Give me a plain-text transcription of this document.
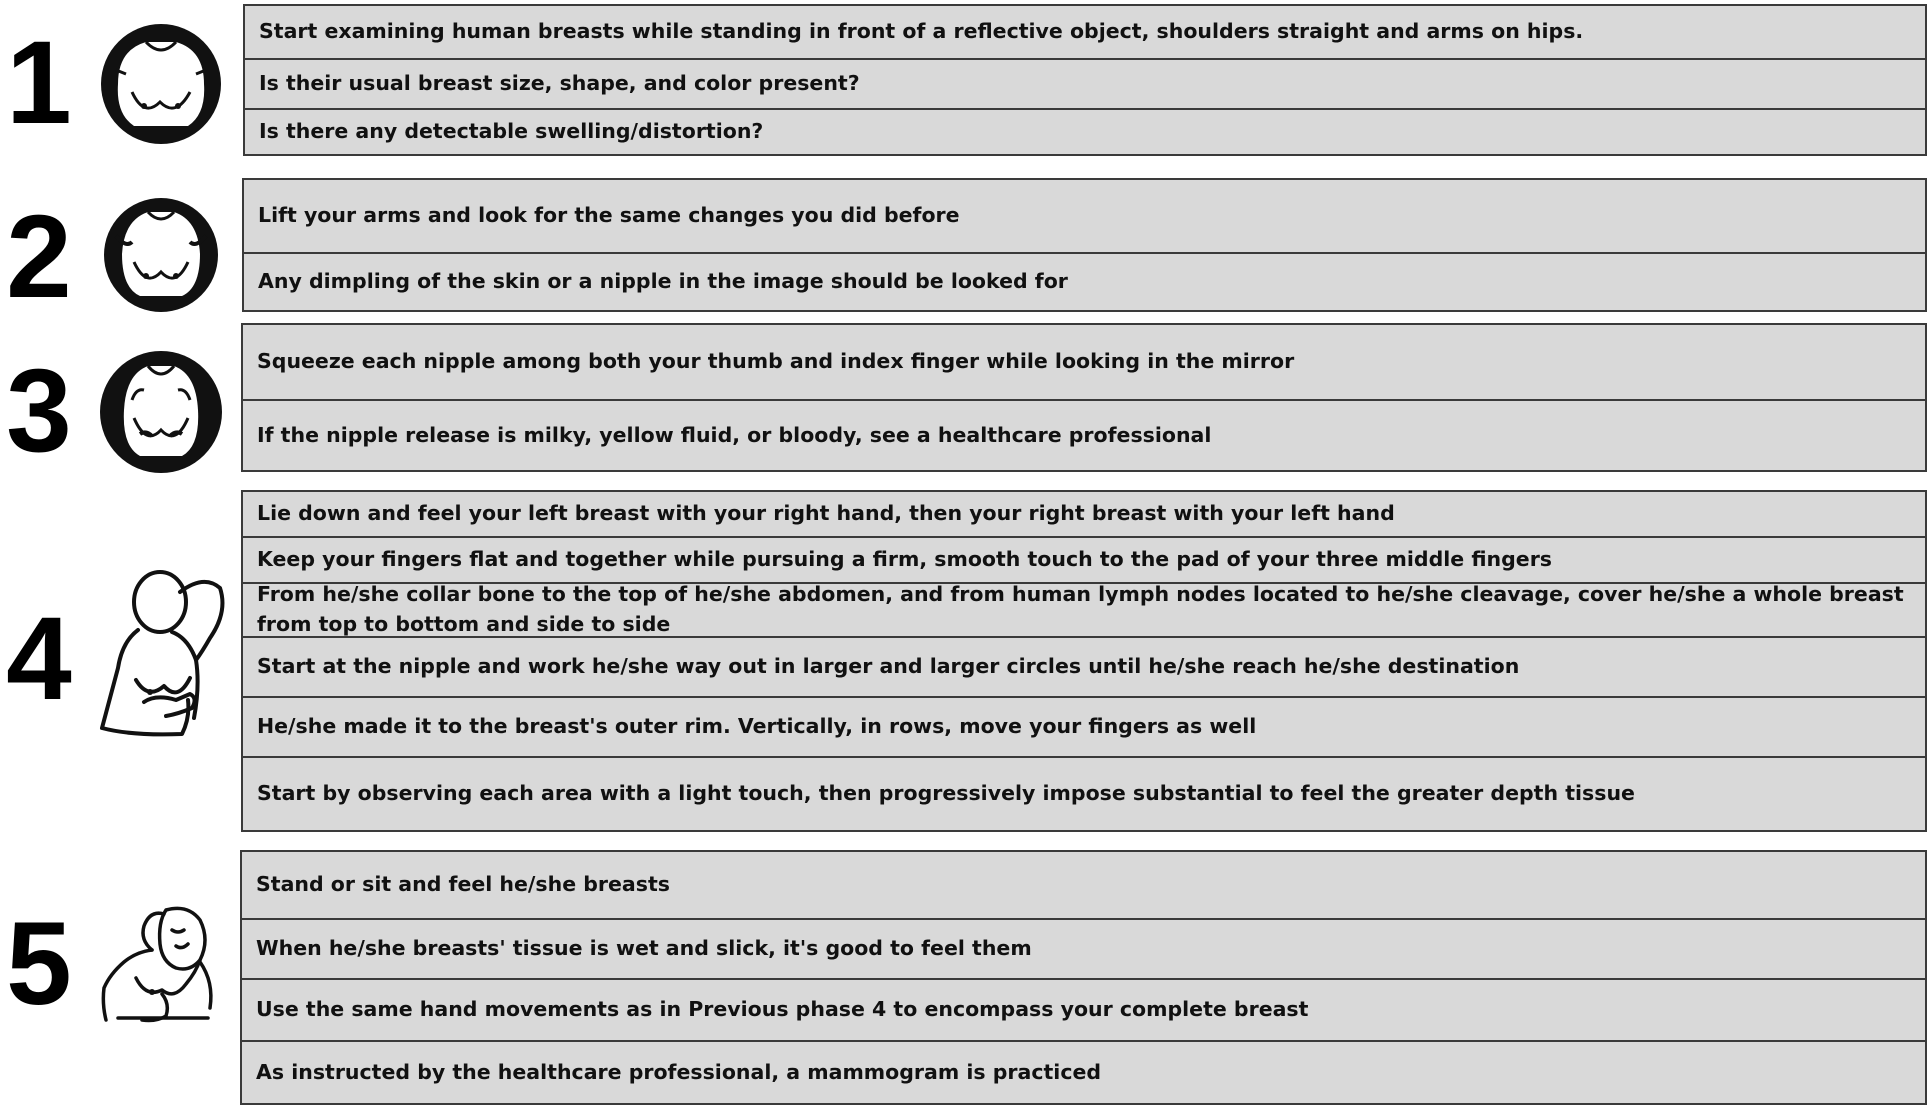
1
2
3
4
5
Start examining human breasts while standing in front of a reflective object, shoulders straight and arms on hips.
Is their usual breast size, shape, and color present?
Is there any detectable swelling/distortion?
Lift your arms and look for the same changes you did before
Any dimpling of the skin or a nipple in the image should be looked for
Squeeze each nipple among both your thumb and index finger while looking in the mirror
If the nipple release is milky, yellow fluid, or bloody, see a healthcare professional
Lie down and feel your left breast with your right hand, then your right breast with your left hand
Keep your fingers flat and together while pursuing a firm, smooth touch to the pad of your three middle fingers
From he/she collar bone to the top of he/she abdomen, and from human lymph nodes located to he/she cleavage, cover he/she a whole breast from top to bottom and side to side
Start at the nipple and work he/she way out in larger and larger circles until he/she reach he/she destination
He/she made it to the breast's outer rim. Vertically, in rows, move your fingers as well
Start by observing each area with a light touch, then progressively impose substantial to feel the greater depth tissue
Stand or sit and feel he/she breasts
When he/she breasts' tissue is wet and slick, it's good to feel them
Use the same hand movements as in Previous phase 4 to encompass your complete breast
As instructed by the healthcare professional, a mammogram is practiced
